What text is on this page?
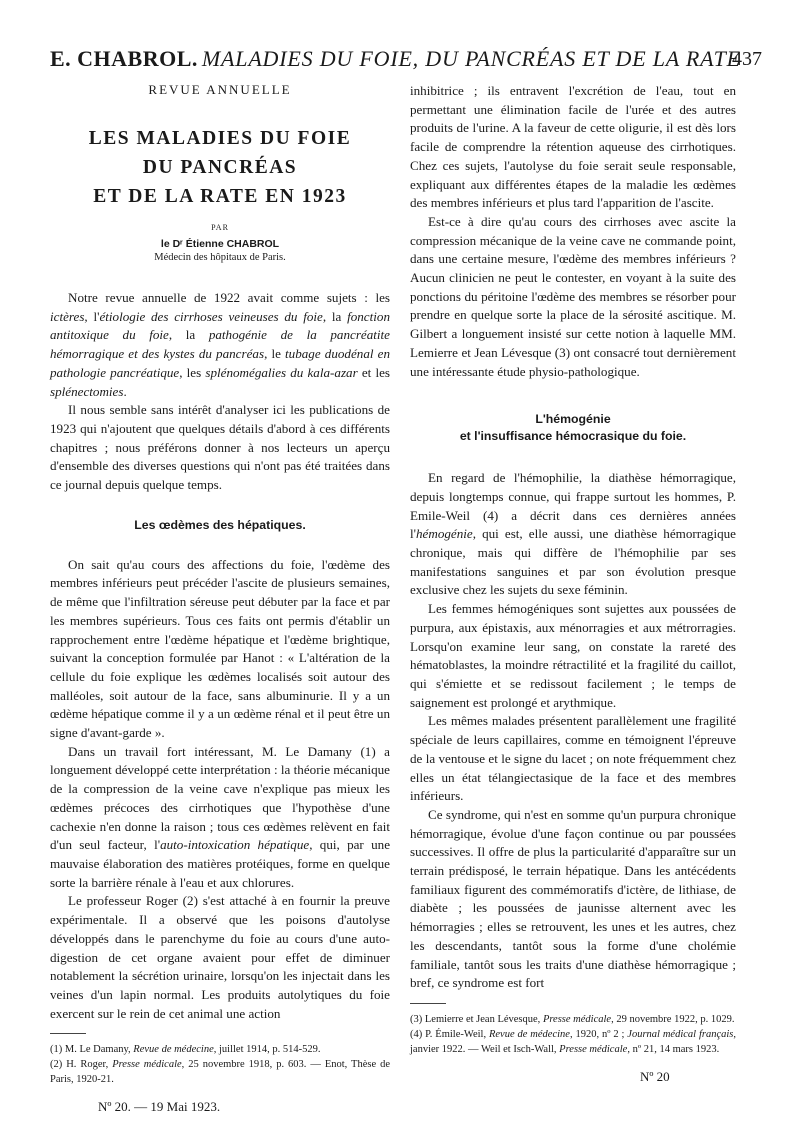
E. CHABROL. MALADIES DU FOIE, DU PANCRÉAS ET DE LA RATE
437
REVUE ANNUELLE
LES MALADIES DU FOIE
DU PANCRÉAS
ET DE LA RATE EN 1923
PAR
le Dʳ Étienne CHABROL
Médecin des hôpitaux de Paris.

Notre revue annuelle de 1922 avait comme sujets : les ictères, l'étiologie des cirrhoses veineuses du foie, la fonction antitoxique du foie, la pathogénie de la pancréatite hémorragique et des kystes du pancréas, le tubage duodénal en pathologie pancréatique, les splénomégalies du kala-azar et les splénectomies.

Il nous semble sans intérêt d'analyser ici les publications de 1923 qui n'ajoutent que quelques détails d'abord à ces différents chapitres ; nous préférons donner à nos lecteurs un aperçu d'ensemble des diverses questions qui n'ont pas été traitées dans ce journal depuis quelque temps.

Les œdèmes des hépatiques.

On sait qu'au cours des affections du foie, l'œdème des membres inférieurs peut précéder l'ascite de plusieurs semaines, de même que l'infiltration séreuse peut débuter par la face et par les membres supérieurs. Tous ces faits ont permis d'établir un rapprochement entre l'œdème hépatique et l'œdème brightique, suivant la conception formulée par Hanot : « L'altération de la cellule du foie explique les œdèmes localisés soit autour des malléoles, soit autour de la face, sans albuminurie. Il y a un œdème hépatique comme il y a un œdème rénal et il peut être un signe d'avant-garde ».

Dans un travail fort intéressant, M. Le Damany (1) a longuement développé cette interprétation : la théorie mécanique de la compression de la veine cave n'explique pas mieux les œdèmes précoces des cirrhotiques que l'hypothèse d'une cachexie n'en donne la raison ; tous ces œdèmes relèvent en fait d'un seul facteur, l'auto-intoxication hépatique, qui, par une mauvaise élaboration des matières protéiques, forme en quelque sorte la barrière rénale à l'eau et aux chlorures.

Le professeur Roger (2) s'est attaché à en fournir la preuve expérimentale. Il a observé que les poisons d'autolyse développés dans le parenchyme du foie au cours d'une auto-digestion de cet organe avaient pour effet de diminuer notablement la sécrétion urinaire, lorsqu'on les injectait dans les veines d'un lapin normal. Les produits autolytiques du foie exercent sur le rein de cet animal une action

(1) M. Le Damany, Revue de médecine, juillet 1914, p. 514-529.

(2) H. Roger, Presse médicale, 25 novembre 1918, p. 603. — Enot, Thèse de Paris, 1920-21.

Nº 20. — 19 Mai 1923.

inhibitrice ; ils entravent l'excrétion de l'eau, tout en permettant une élimination facile de l'urée et des autres produits de l'urine. A la faveur de cette oligurie, il est dès lors facile de comprendre la rétention aqueuse des cirrhotiques. Chez ces sujets, l'autolyse du foie serait seule responsable, expliquant aux différentes étapes de la maladie les œdèmes des membres inférieurs et plus tard l'apparition de l'ascite.

Est-ce à dire qu'au cours des cirrhoses avec ascite la compression mécanique de la veine cave ne commande point, dans une certaine mesure, l'œdème des membres inférieurs ? Aucun clinicien ne peut le contester, en voyant à la suite des ponctions du péritoine l'œdème des membres se résorber pour prendre en quelque sorte la place de la sérosité ascitique. M. Gilbert a longuement insisté sur cette notion à laquelle MM. Lemierre et Jean Lévesque (3) ont consacré tout dernièrement une intéressante étude physio-pathologique.

L'hémogénie
et l'insuffisance hémocrasique du foie.

En regard de l'hémophilie, la diathèse hémorragique, depuis longtemps connue, qui frappe surtout les hommes, P. Emile-Weil (4) a décrit dans ces dernières années l'hémogénie, qui est, elle aussi, une diathèse hémorragique chronique, mais qui diffère de l'hémophilie par ses manifestations sanguines et par son évolution presque exclusive chez les sujets du sexe féminin.

Les femmes hémogéniques sont sujettes aux poussées de purpura, aux épistaxis, aux ménorragies et aux métrorragies. Lorsqu'on examine leur sang, on constate la rareté des hématoblastes, la moindre rétractilité et la fragilité du caillot, qui s'émiette et se redissout facilement ; le temps de saignement est prolongé et arythmique.

Les mêmes malades présentent parallèlement une fragilité spéciale de leurs capillaires, comme en témoignent l'épreuve de la ventouse et le signe du lacet ; on note fréquemment chez elles un état télangiectasique de la face et des membres inférieurs.

Ce syndrome, qui n'est en somme qu'un purpura chronique hémorragique, évolue d'une façon continue ou par poussées successives. Il offre de plus la particularité d'apparaître sur un terrain prédisposé, le terrain hépatique. Dans les antécédents familiaux figurent des commémoratifs d'ictère, de lithiase, de diabète ; les poussées de jaunisse alternent avec les hémorragies ; elles se retrouvent, les unes et les autres, chez les descendants, tantôt sous la forme d'une cholémie familiale, tantôt sous les traits d'une diathèse hémorragique ; bref, ce syndrome est fort

(3) Lemierre et Jean Lévesque, Presse médicale, 29 novembre 1922, p. 1029.

(4) P. Émile-Weil, Revue de médecine, 1920, nº 2 ; Journal médical français, janvier 1922. — Weil et Isch-Wall, Presse médicale, nº 21, 14 mars 1923.

Nº 20
